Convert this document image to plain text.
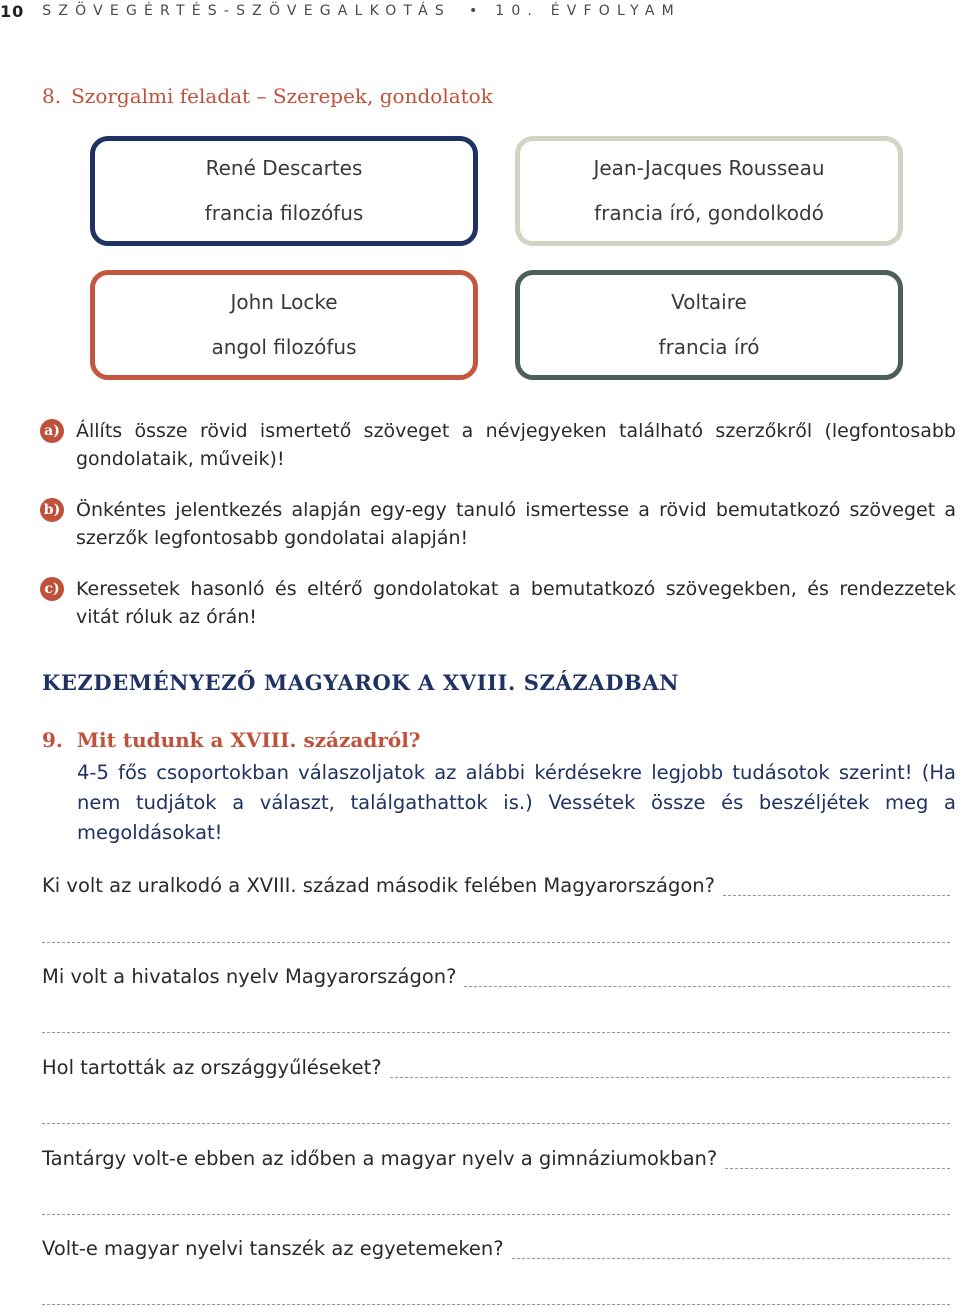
10 SZÖVEGÉRTÉS-SZÖVEGALKOTÁS • 10. ÉVFOLYAM
8. Szorgalmi feladat – Szerepek, gondolatok
René Descartes
francia filozófus
Jean-Jacques Rousseau
francia író, gondolkodó
John Locke
angol filozófus
Voltaire
francia író
a) Állíts össze rövid ismertető szöveget a névjegyeken található szerzőkről (legfontosabb gondolataik, műveik)!
b) Önkéntes jelentkezés alapján egy-egy tanuló ismertesse a rövid bemutatkozó szöveget a szerzők legfontosabb gondolatai alapján!
c) Keressetek hasonló és eltérő gondolatokat a bemutatkozó szövegekben, és rendezzetek vitát róluk az órán!
KEZDEMÉNYEZŐ MAGYAROK A XVIII. SZÁZADBAN
9. Mit tudunk a XVIII. századról?
4-5 fős csoportokban válaszoljatok az alábbi kérdésekre legjobb tudásotok szerint! (Ha nem tudjátok a választ, találgathattok is.) Vessétek össze és beszéljétek meg a megoldásokat!
Ki volt az uralkodó a XVIII. század második felében Magyarországon?
Mi volt a hivatalos nyelv Magyarországon?
Hol tartották az országgyűléseket?
Tantárgy volt-e ebben az időben a magyar nyelv a gimnáziumokban?
Volt-e magyar nyelvi tanszék az egyetemeken?
